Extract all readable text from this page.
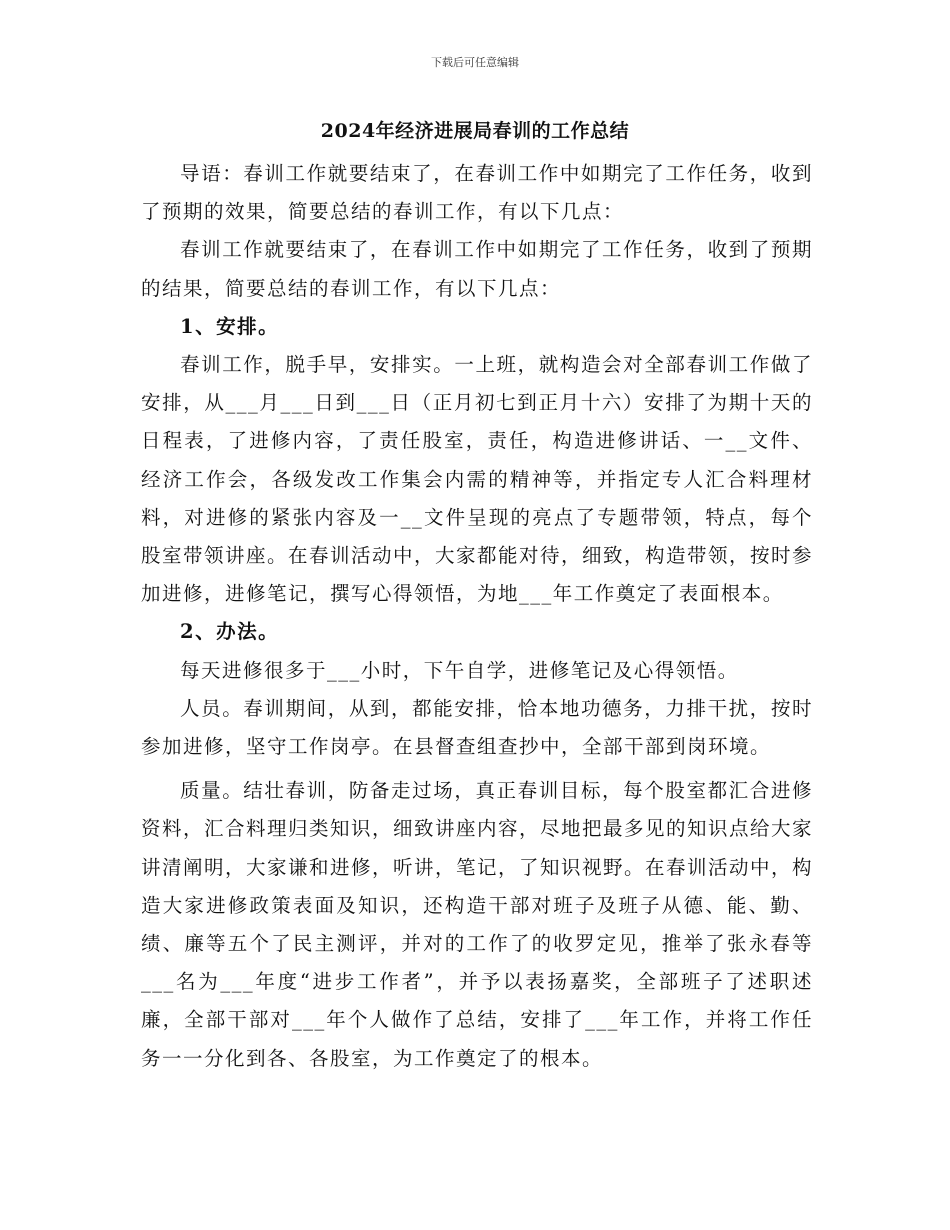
下载后可任意编辑
2024年经济进展局春训的工作总结

导语：春训工作就要结束了，在春训工作中如期完了工作任务，收到了预期的效果，简要总结的春训工作，有以下几点：

春训工作就要结束了，在春训工作中如期完了工作任务，收到了预期的结果，简要总结的春训工作，有以下几点：

1、安排。

春训工作，脱手早，安排实。一上班，就构造会对全部春训工作做了安排，从___月___日到___日（正月初七到正月十六）安排了为期十天的日程表，了进修内容，了责任股室，责任，构造进修讲话、一__文件、经济工作会，各级发改工作集会内需的精神等，并指定专人汇合料理材料，对进修的紧张内容及一__文件呈现的亮点了专题带领，特点，每个股室带领讲座。在春训活动中，大家都能对待，细致，构造带领，按时参加进修，进修笔记，撰写心得领悟，为地___年工作奠定了表面根本。

2、办法。

每天进修很多于___小时，下午自学，进修笔记及心得领悟。

人员。春训期间，从到，都能安排，恰本地功德务，力排干扰，按时参加进修，坚守工作岗亭。在县督查组查抄中，全部干部到岗环境。

质量。结壮春训，防备走过场，真正春训目标，每个股室都汇合进修资料，汇合料理归类知识，细致讲座内容，尽地把最多见的知识点给大家讲清阐明，大家谦和进修，听讲，笔记，了知识视野。在春训活动中，构造大家进修政策表面及知识，还构造干部对班子及班子从德、能、勤、绩、廉等五个了民主测评，并对的工作了的收罗定见，推举了张永春等___名为___年度“进步工作者”，并予以表扬嘉奖，全部班子了述职述廉，全部干部对___年个人做作了总结，安排了___年工作，并将工作任务一一分化到各、各股室，为工作奠定了的根本。
